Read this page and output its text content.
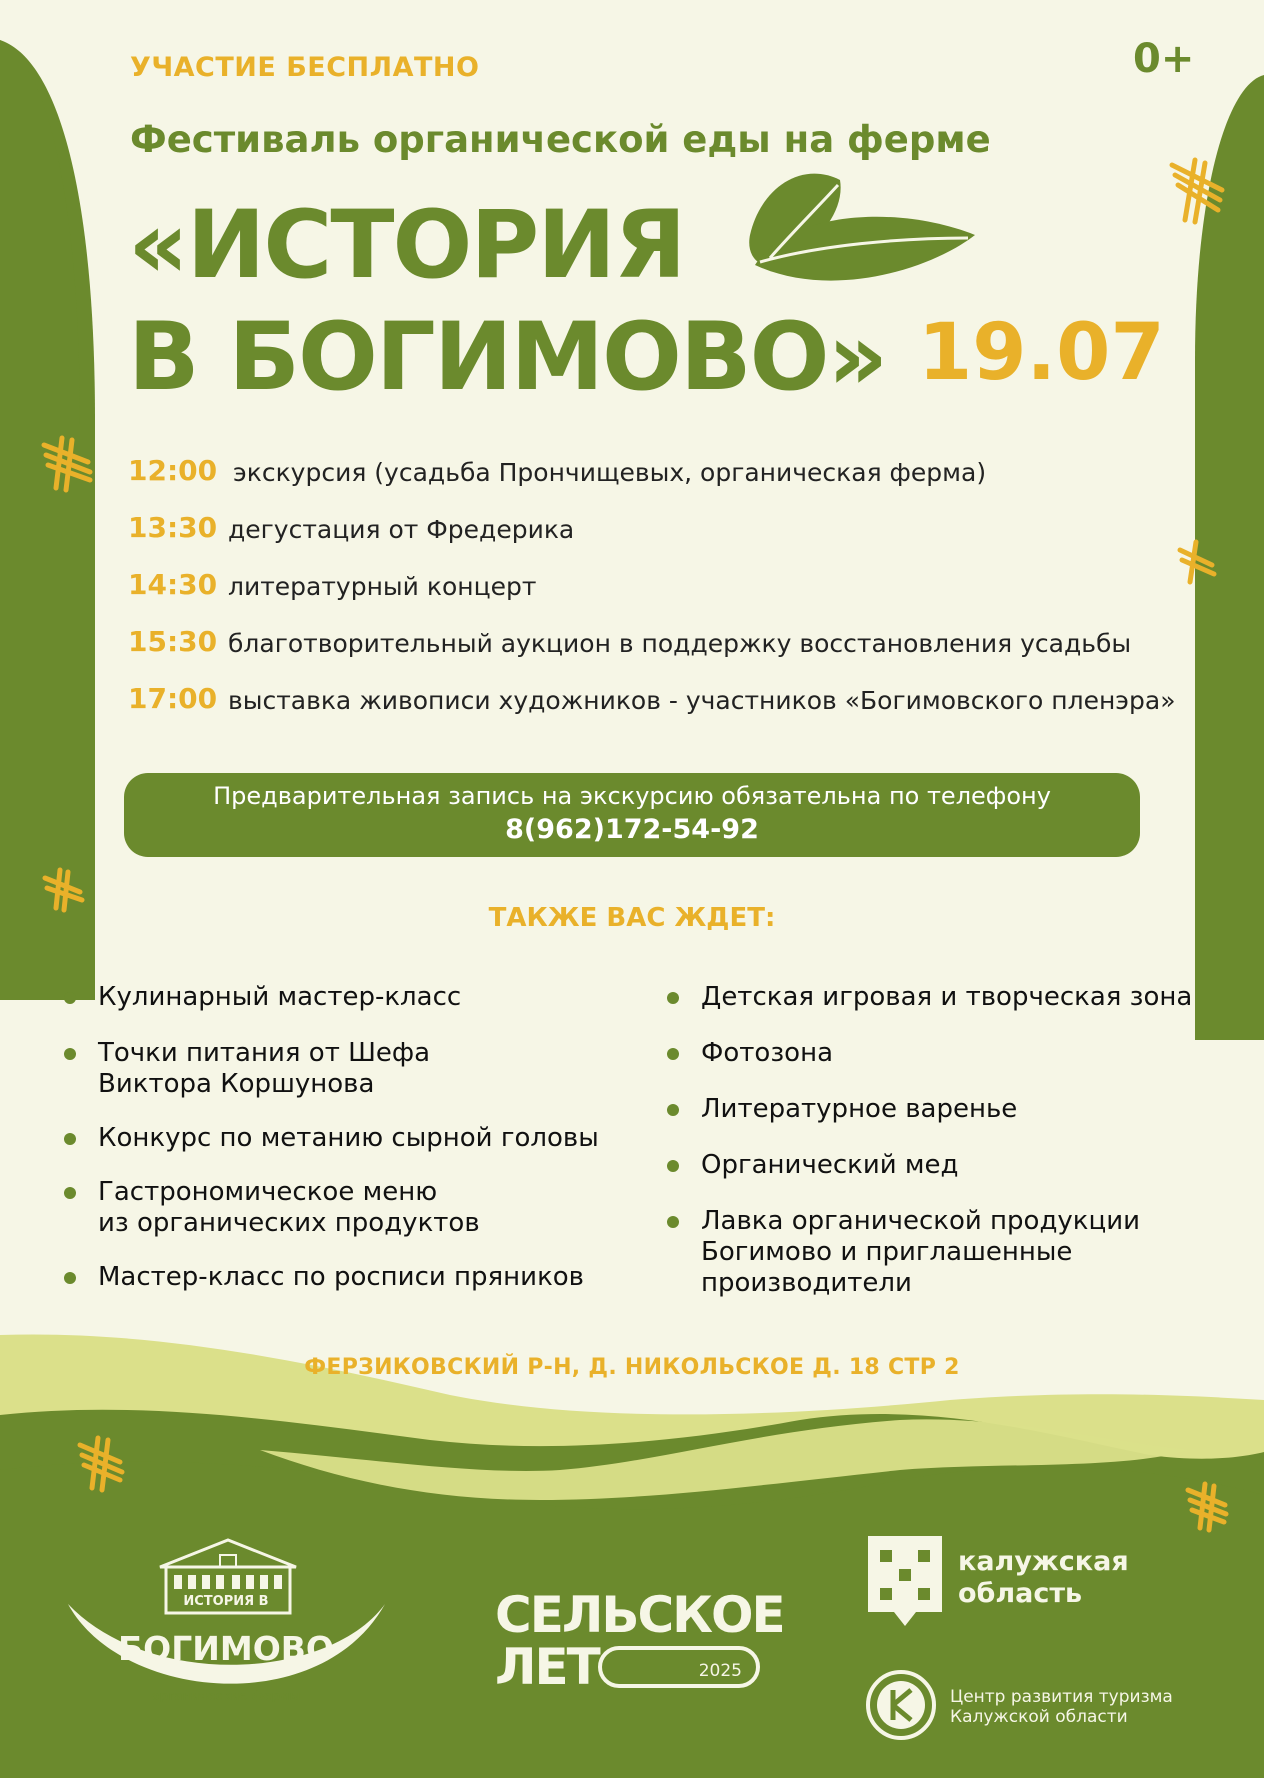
ИСТОРИЯ В
БОГИМОВО
органические фермы
СЕЛЬСКОЕ
ЛЕТ	2025
калужская
область
Центр развития туризма
Калужской области
УЧАСТИЕ БЕСПЛАТНО	0+
Фестиваль органической еды на ферме
«ИСТОРИЯ
В БОГИМОВО» 19.07
12:00 экскурсия (усадьба Прончищевых, органическая ферма)
13:30 дегустация от Фредерика
14:30 литературный концерт
15:30 благотворительный аукцион в поддержку восстановления усадьбы
17:00 выставка живописи художников - участников «Богимовского пленэра»
Предварительная запись на экскурсию обязательна по телефону
8(962)172-54-92
ТАКЖЕ ВАС ЖДЕТ:
Кулинарный мастер-класс
Точки питания от Шефа
Виктора Коршунова
Конкурс по метанию сырной головы
Гастрономическое меню
из органических продуктов
Мастер-класс по росписи пряников
Детская игровая и творческая зона
Фотозона
Литературное варенье
Органический мед
Лавка органической продукции
Богимово и приглашенные
производители
ФЕРЗИКОВСКИЙ Р-Н, Д. НИКОЛЬСКОЕ Д. 18 СТР 2
